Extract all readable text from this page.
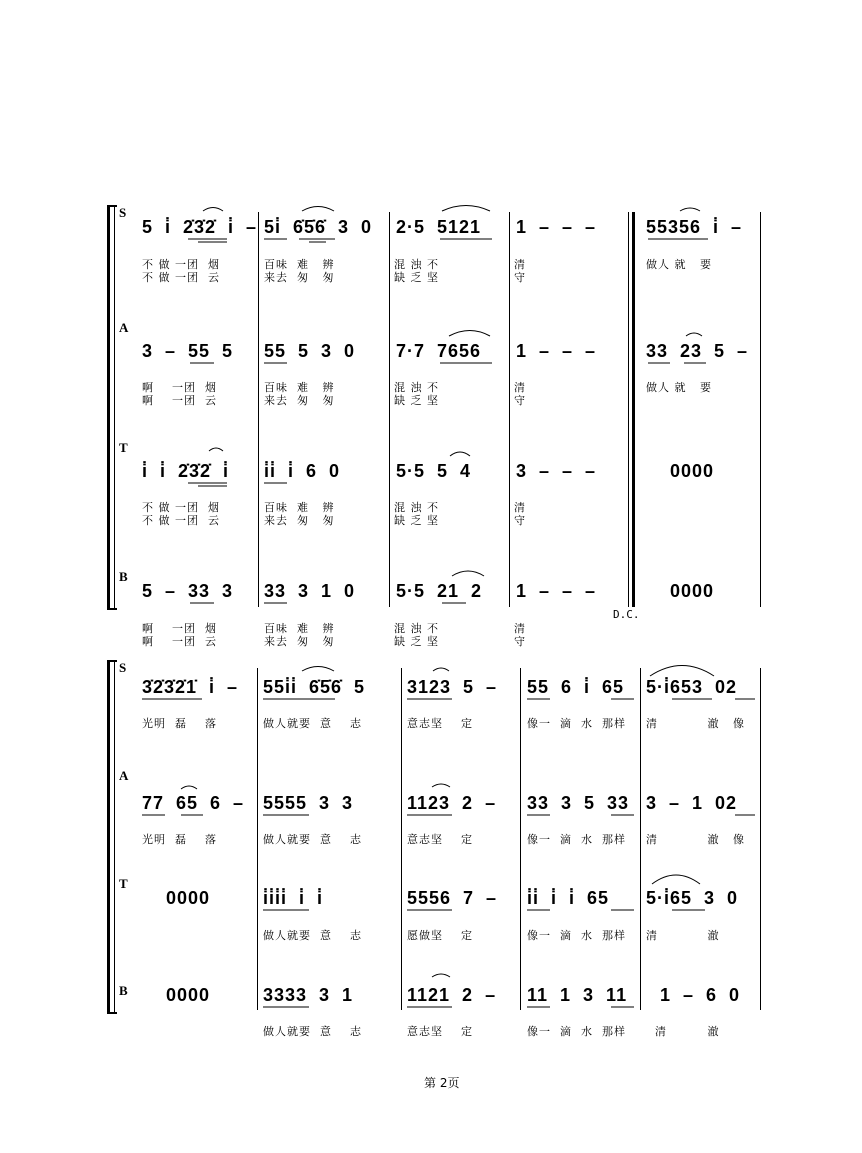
S
5  i̇  2̇3̇2̇  i̇  – 5i̇  6̇5̇6̇  3  0 2·5  5121 1  –  –  –	55356  i̇  –
不 做 一团  烟
不 做 一团  云
百味  难   辨
来去  匆   匆
混 浊 不
缺 乏 坚
清
守
做人 就   要
A
3  –  55  5 55  5  3  0 7·7  7656 1  –  –  –	33  23  5  –
啊    一团  烟
啊    一团  云
百味  难   辨
来去  匆   匆
混 浊 不
缺 乏 坚
清
守
做人 就   要
T
i̇  i̇  2̇3̇2̇  i̇ i̇i̇  i̇  6  0	5·5  5  4 3  –  –  –	0000
不 做 一团  烟
不 做 一团  云
百味  难   辨
来去  匆   匆
混 浊 不
缺 乏 坚
清
守
B
5  –  33  3 33  3  1  0 5·5  21  2 1  –  –  –	0000
啊    一团  烟
啊    一团  云
百味  难   辨
来去  匆   匆
混 浊 不
缺 乏 坚
清
守
D.C.
S
3̇2̇3̇2̇1̇  i̇  – 55i̇i̇  6̇5̇6̇  5 3123  5  – 55  6  i̇  65 5·i̇653  02
光明  磊    落	做人就要  意    志	意志坚    定	像一  滴  水  那样 清           澈   像
A
77  65  6  – 5555  3  3	1123  2  – 33  3  5  33 3  –  1  02
光明  磊    落	做人就要  意    志	意志坚    定	像一  滴  水  那样 清           澈   像
T
0000	i̇i̇i̇i̇  i̇  i̇	5556  7  – i̇i̇  i̇  i̇  65 5·i̇65  3  0
做人就要  意    志	愿做坚    定	像一  滴  水  那样 清           澈
B 0000	3333  3  1	1121  2  – 11  1  3  11 1  –  6  0
做人就要  意    志	意志坚    定	像一  滴  水  那样 清         澈
第 2页
